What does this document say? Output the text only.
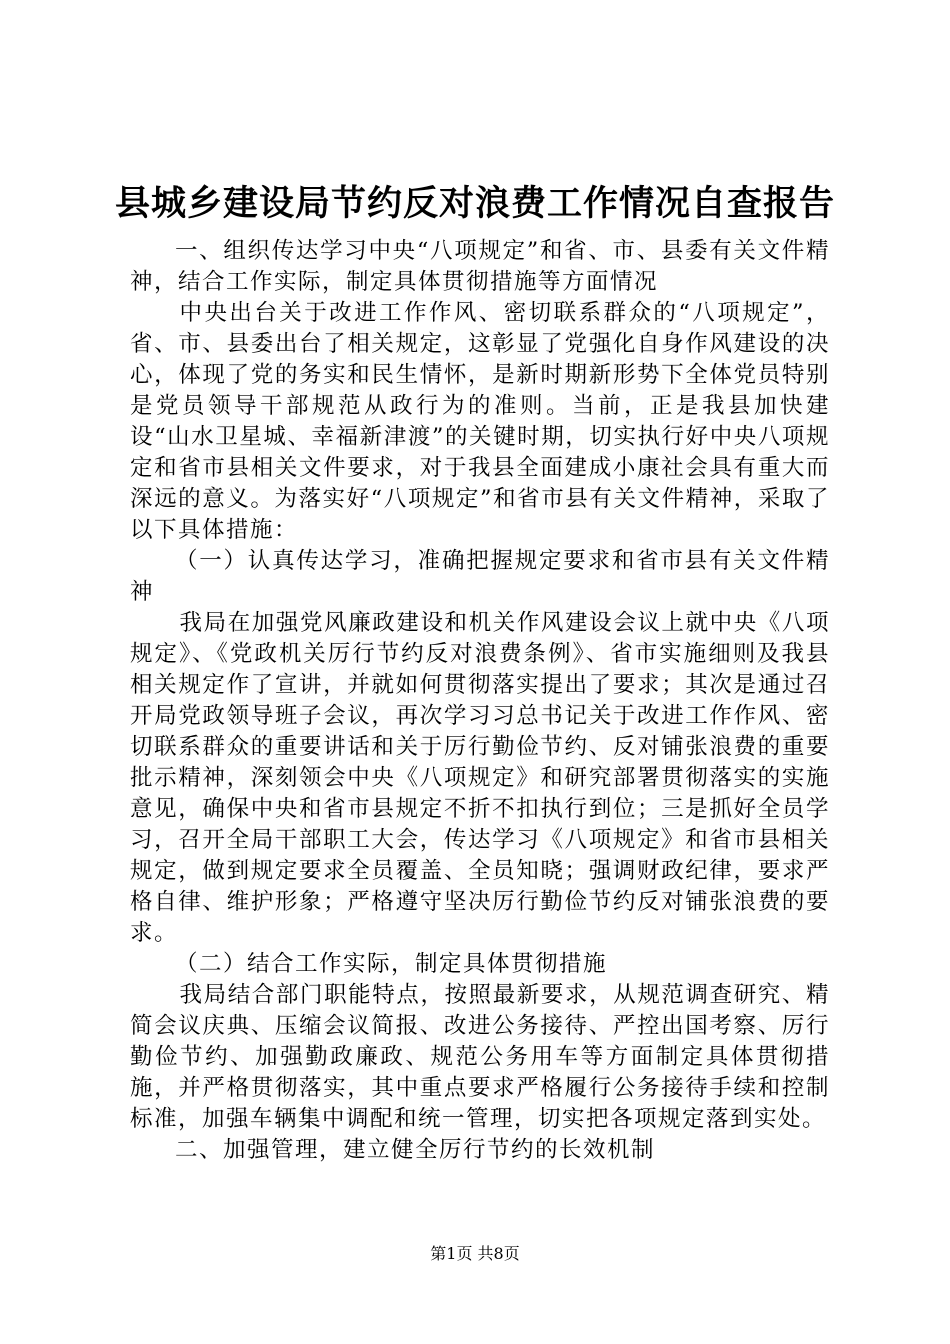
县城乡建设局节约反对浪费工作情况自查报告

一、组织传达学习中央“八项规定”和省、市、县委有关文件精神，结合工作实际，制定具体贯彻措施等方面情况

中央出台关于改进工作作风、密切联系群众的“八项规定”，省、市、县委出台了相关规定，这彰显了党强化自身作风建设的决心，体现了党的务实和民生情怀，是新时期新形势下全体党员特别是党员领导干部规范从政行为的准则。当前，正是我县加快建设“山水卫星城、幸福新津渡”的关键时期，切实执行好中央八项规定和省市县相关文件要求，对于我县全面建成小康社会具有重大而深远的意义。为落实好“八项规定”和省市县有关文件精神，采取了以下具体措施：

（一）认真传达学习，准确把握规定要求和省市县有关文件精神

我局在加强党风廉政建设和机关作风建设会议上就中央《八项规定》、《党政机关厉行节约反对浪费条例》、省市实施细则及我县相关规定作了宣讲，并就如何贯彻落实提出了要求；其次是通过召开局党政领导班子会议，再次学习习总书记关于改进工作作风、密切联系群众的重要讲话和关于厉行勤俭节约、反对铺张浪费的重要批示精神，深刻领会中央《八项规定》和研究部署贯彻落实的实施意见，确保中央和省市县规定不折不扣执行到位；三是抓好全员学习，召开全局干部职工大会，传达学习《八项规定》和省市县相关规定，做到规定要求全员覆盖、全员知晓；强调财政纪律，要求严格自律、维护形象；严格遵守坚决厉行勤俭节约反对铺张浪费的要求。

（二）结合工作实际，制定具体贯彻措施

我局结合部门职能特点，按照最新要求，从规范调查研究、精简会议庆典、压缩会议简报、改进公务接待、严控出国考察、厉行勤俭节约、加强勤政廉政、规范公务用车等方面制定具体贯彻措施，并严格贯彻落实，其中重点要求严格履行公务接待手续和控制标准，加强车辆集中调配和统一管理，切实把各项规定落到实处。

二、加强管理，建立健全厉行节约的长效机制

第1页 共8页
